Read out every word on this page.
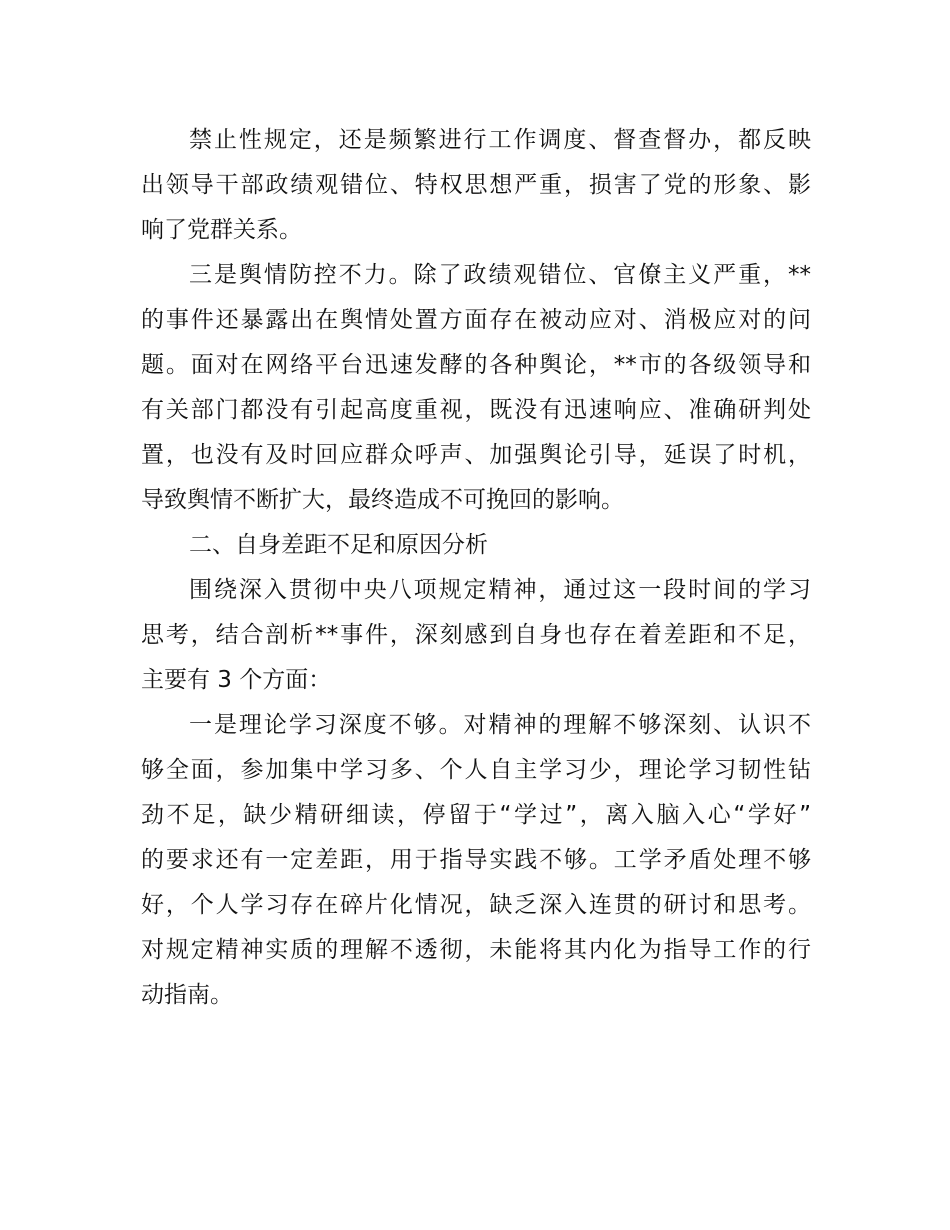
禁止性规定，还是频繁进行工作调度、督查督办，都反映
出领导干部政绩观错位、特权思想严重，损害了党的形象、影
响了党群关系。
三是舆情防控不力。除了政绩观错位、官僚主义严重，**
的事件还暴露出在舆情处置方面存在被动应对、消极应对的问
题。面对在网络平台迅速发酵的各种舆论，**市的各级领导和
有关部门都没有引起高度重视，既没有迅速响应、准确研判处
置，也没有及时回应群众呼声、加强舆论引导，延误了时机，
导致舆情不断扩大，最终造成不可挽回的影响。
二、自身差距不足和原因分析
围绕深入贯彻中央八项规定精神，通过这一段时间的学习
思考，结合剖析**事件，深刻感到自身也存在着差距和不足，
主要有 3 个方面：
一是理论学习深度不够。对精神的理解不够深刻、认识不
够全面，参加集中学习多、个人自主学习少，理论学习韧性钻
劲不足，缺少精研细读，停留于“学过”，离入脑入心“学好”
的要求还有一定差距，用于指导实践不够。工学矛盾处理不够
好，个人学习存在碎片化情况，缺乏深入连贯的研讨和思考。
对规定精神实质的理解不透彻，未能将其内化为指导工作的行
动指南。
